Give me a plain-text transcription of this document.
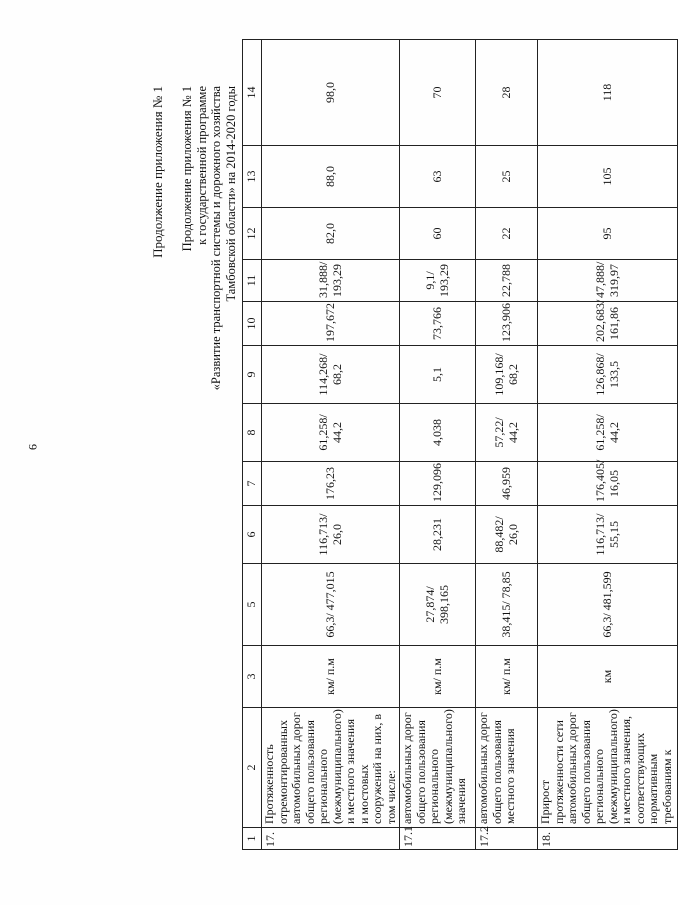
9
Продолжение приложения № 1 Продолжение приложения № 1 к государственной программе «Развитие транспортной системы и дорожного хозяйства Тамбовской области» на 2014-2020 годы
1	2	3	5	6	7	8	9	10	11	12	13	14
17.	Протяженность отремонтированных автомобильных дорог общего пользования регионального (межмуниципального) и местного значения и мостовых сооружений на них, в том числе:	км/ п.м	66,3/ 477,015	116,713/ 26,0	176,23	61,258/ 44,2	114,268/ 68,2	197,672	31,888/ 193,29	82,0	88,0	98,0
17.1	автомобильных дорог общего пользования регионального (межмуниципального) значения	км/ п.м	27,874/ 398,165	28,231	129,096	4,038	5,1	73,766	9,1/ 193,29	60	63	70
17.2	автомобильных дорог общего пользования местного значения	км/ п.м	38,415/ 78,85	88,482/ 26,0	46,959	57,22/ 44,2	109,168/ 68,2	123,906	22,788	22	25	28
18.	Прирост протяженности сети автомобильных дорог общего пользования регионального (межмуниципального) и местного значения, соответствующих нормативным требованиям к	км	66,3/ 481,599	116,713/ 55,15	176,405/ 16,05	61,258/ 44,2	126,868/ 133,5	202,683/ 161,86	47,888/ 319,97	95	105	118
